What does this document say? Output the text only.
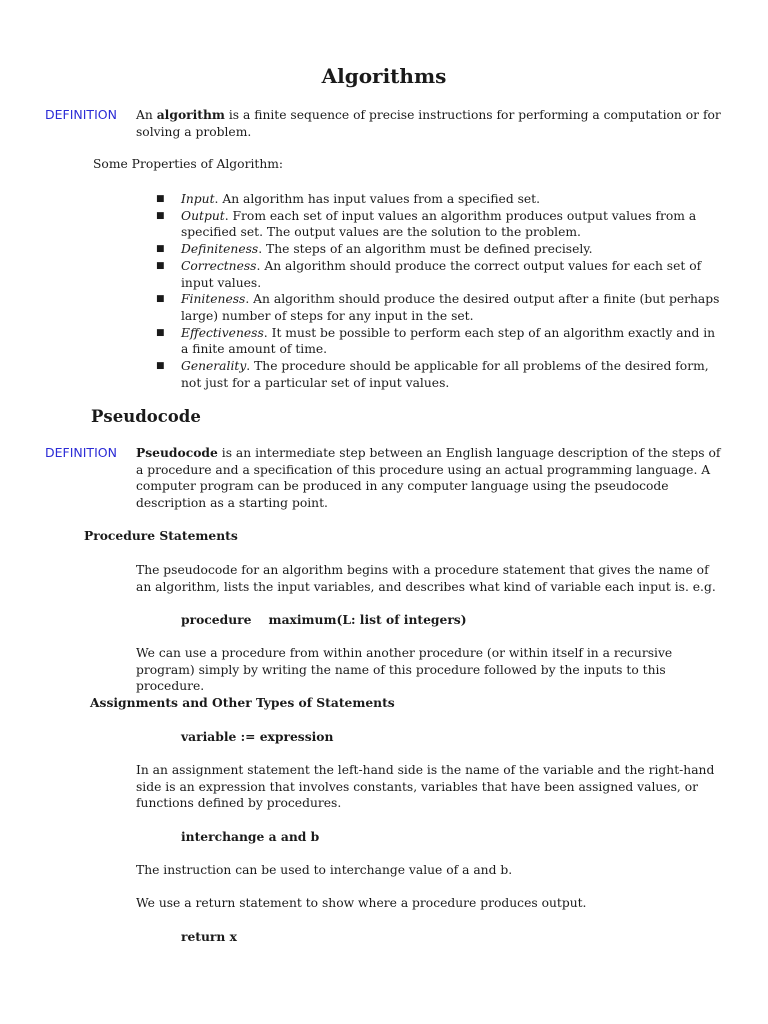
Algorithms
DEFINITION An algorithm is a finite sequence of precise instructions for performing a computation or for solving a problem.
Some Properties of Algorithm:
■ Input. An algorithm has input values from a specified set.
■ Output. From each set of input values an algorithm produces output values from a specified set. The output values are the solution to the problem.
■ Definiteness. The steps of an algorithm must be defined precisely.
■ Correctness. An algorithm should produce the correct output values for each set of input values.
■ Finiteness. An algorithm should produce the desired output after a finite (but perhaps large) number of steps for any input in the set.
■ Effectiveness. It must be possible to perform each step of an algorithm exactly and in a finite amount of time.
■ Generality. The procedure should be applicable for all problems of the desired form, not just for a particular set of input values.
Pseudocode
DEFINITION Pseudocode is an intermediate step between an English language description of the steps of a procedure and a specification of this procedure using an actual programming language. A computer program can be produced in any computer language using the pseudocode description as a starting point.
Procedure Statements
The pseudocode for an algorithm begins with a procedure statement that gives the name of an algorithm, lists the input variables, and describes what kind of variable each input is. e.g.
procedure    maximum(L: list of integers)
We can use a procedure from within another procedure (or within itself in a recursive program) simply by writing the name of this procedure followed by the inputs to this procedure.
Assignments and Other Types of Statements
variable := expression
In an assignment statement the left-hand side is the name of the variable and the right-hand side is an expression that involves constants, variables that have been assigned values, or functions defined by procedures.
interchange a and b
The instruction can be used to interchange value of a and b.
We use a return statement to show where a procedure produces output.
return x
